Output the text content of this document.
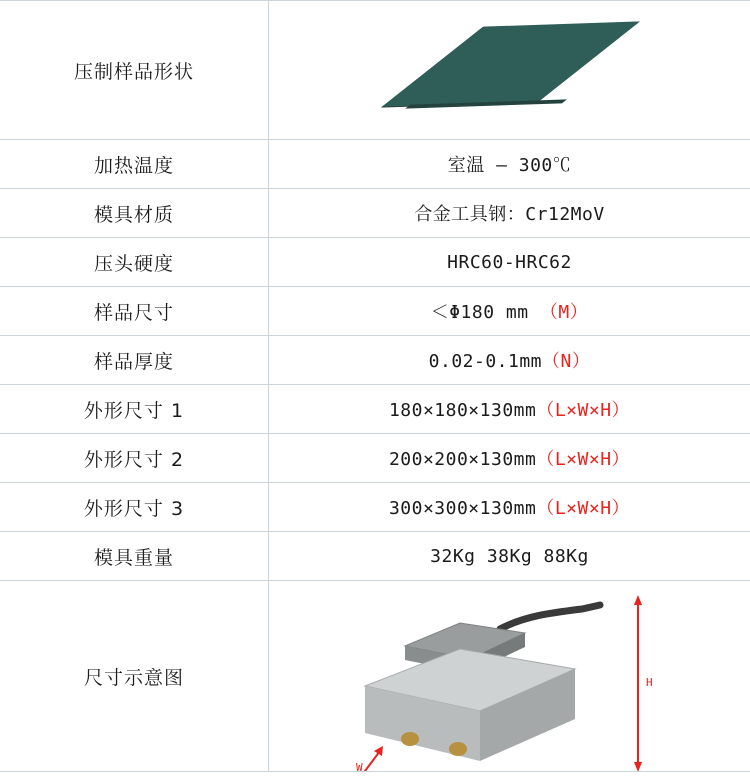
压制样品形状	

加热温度	室温 – 300℃
模具材质	合金工具钢：Cr12MoV
压头硬度	HRC60-HRC62
样品尺寸	＜Φ180 mm （M）
样品厚度	0.02-0.1mm（N）
外形尺寸 1	180×180×130mm（L×W×H）
外形尺寸 2	200×200×130mm（L×W×H）
外形尺寸 3	300×300×130mm（L×W×H）
模具重量	32Kg 38Kg 88Kg
尺寸示意图	H
W
